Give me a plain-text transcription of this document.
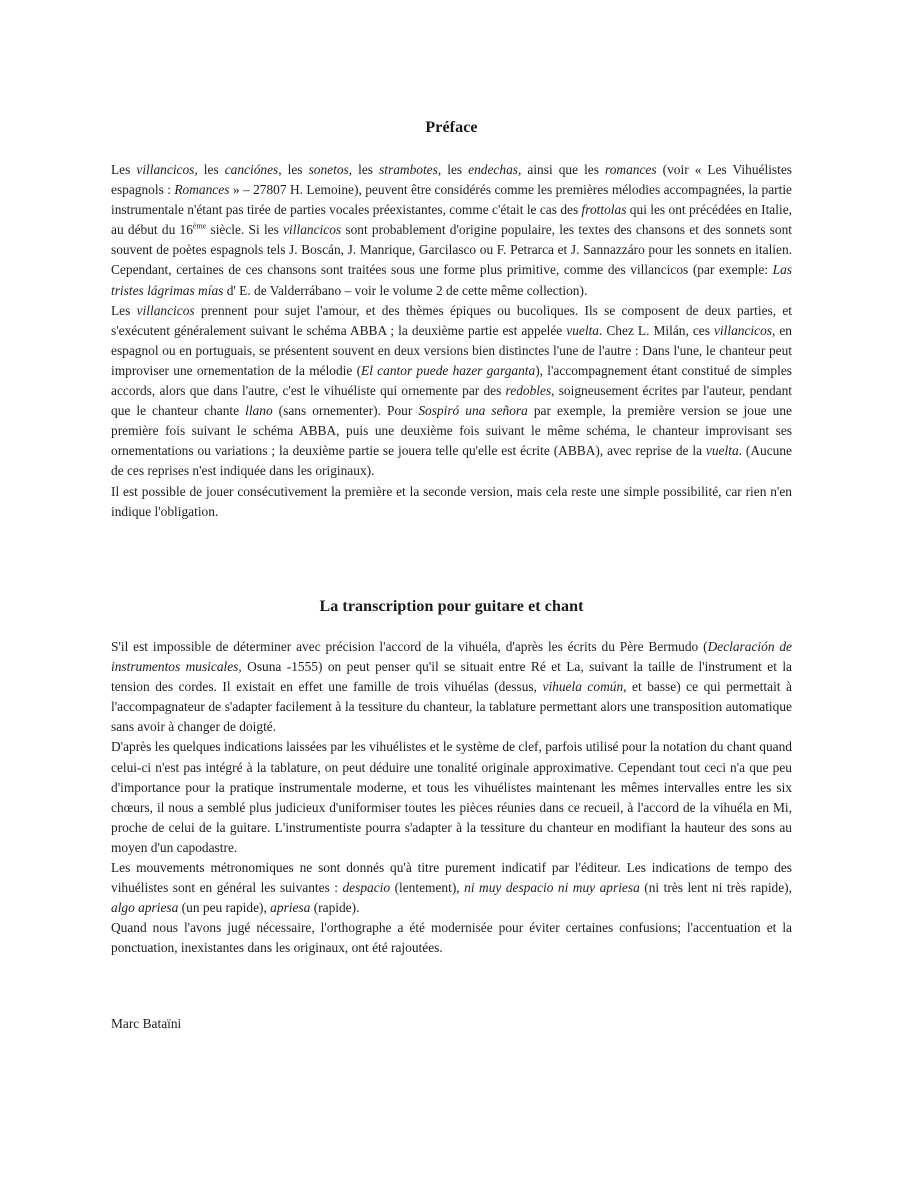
Préface

Les villancicos, les canciónes, les sonetos, les strambotes, les endechas, ainsi que les romances (voir « Les Vihuélistes espagnols : Romances » – 27807 H. Lemoine), peuvent être considérés comme les premières mélodies accompagnées, la partie instrumentale n'étant pas tirée de parties vocales préexistantes, comme c'était le cas des frottolas qui les ont précédées en Italie, au début du 16ème siècle. Si les villancicos sont probablement d'origine populaire, les textes des chansons et des sonnets sont souvent de poètes espagnols tels J. Boscán, J. Manrique, Garcilasco ou F. Petrarca et J. Sannazzáro pour les sonnets en italien. Cependant, certaines de ces chansons sont traitées sous une forme plus primitive, comme des villancicos (par exemple: Las tristes lágrimas mías d' E. de Valderrábano – voir le volume 2 de cette même collection).

Les villancicos prennent pour sujet l'amour, et des thèmes épiques ou bucoliques. Ils se composent de deux parties, et s'exécutent généralement suivant le schéma ABBA ; la deuxième partie est appelée vuelta. Chez L. Milán, ces villancicos, en espagnol ou en portuguais, se présentent souvent en deux versions bien distinctes l'une de l'autre : Dans l'une, le chanteur peut improviser une ornementation de la mélodie (El cantor puede hazer garganta), l'accompagnement étant constitué de simples accords, alors que dans l'autre, c'est le vihuéliste qui ornemente par des redobles, soigneusement écrites par l'auteur, pendant que le chanteur chante llano (sans ornementer). Pour Sospiró una señora par exemple, la première version se joue une première fois suivant le schéma ABBA, puis une deuxième fois suivant le même schéma, le chanteur improvisant ses ornementations ou variations ; la deuxième partie se jouera telle qu'elle est écrite (ABBA), avec reprise de la vuelta. (Aucune de ces reprises n'est indiquée dans les originaux).

Il est possible de jouer consécutivement la première et la seconde version, mais cela reste une simple possibilité, car rien n'en indique l'obligation.

La transcription pour guitare et chant

S'il est impossible de déterminer avec précision l'accord de la vihuéla, d'après les écrits du Père Bermudo (Declaración de instrumentos musicales, Osuna -1555) on peut penser qu'il se situait entre Ré et La, suivant la taille de l'instrument et la tension des cordes. Il existait en effet une famille de trois vihuélas (dessus, vihuela común, et basse) ce qui permettait à l'accompagnateur de s'adapter facilement à la tessiture du chanteur, la tablature permettant alors une transposition automatique sans avoir à changer de doigté.

D'après les quelques indications laissées par les vihuélistes et le système de clef, parfois utilisé pour la notation du chant quand celui-ci n'est pas intégré à la tablature, on peut déduire une tonalité originale approximative. Cependant tout ceci n'a que peu d'importance pour la pratique instrumentale moderne, et tous les vihuélistes maintenant les mêmes intervalles entre les six chœurs, il nous a semblé plus judicieux d'uniformiser toutes les pièces réunies dans ce recueil, à l'accord de la vihuéla en Mi, proche de celui de la guitare. L'instrumentiste pourra s'adapter à la tessiture du chanteur en modifiant la hauteur des sons au moyen d'un capodastre.

Les mouvements métronomiques ne sont donnés qu'à titre purement indicatif par l'éditeur. Les indications de tempo des vihuélistes sont en général les suivantes : despacio (lentement), ni muy despacio ni muy apriesa (ni très lent ni très rapide), algo apriesa (un peu rapide), apriesa (rapide).

Quand nous l'avons jugé nécessaire, l'orthographe a été modernisée pour éviter certaines confusions; l'accentuation et la ponctuation, inexistantes dans les originaux, ont été rajoutées.

Marc Bataïni
